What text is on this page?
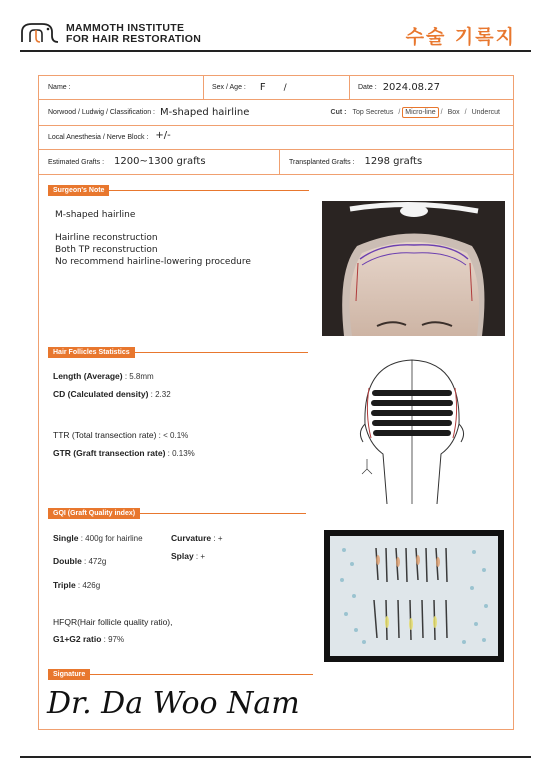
MAMMOTH INSTITUTE
FOR HAIR RESTORATION	수술 기록지
Name :	Sex / Age : F /	Date : 2024.08.27
Norwood / Ludwig / Classification : M-shaped hairline	Cut : Top Secretus / Micro-line / Box / Undercut
Local Anesthesia / Nerve Block : +/-
Estimated Grafts : 1200~1300 grafts	Transplanted Grafts : 1298 grafts
Surgeon's Note
M-shaped hairline
Hairline reconstruction
Both TP reconstruction
No recommend hairline-lowering procedure
Hair Follicles Statistics
Length (Average) : 5.8mm
CD (Calculated density) : 2.32
TTR (Total transection rate) : < 0.1%
GTR (Graft transection rate) : 0.13%
GQI (Graft Quality index)
Single : 400g for hairline	Curvature : +
Double : 472g
Splay : +
Triple : 426g
HFQR(Hair follicle quality ratio),
G1+G2 ratio : 97%
Signature
Dr. Da Woo Nam
